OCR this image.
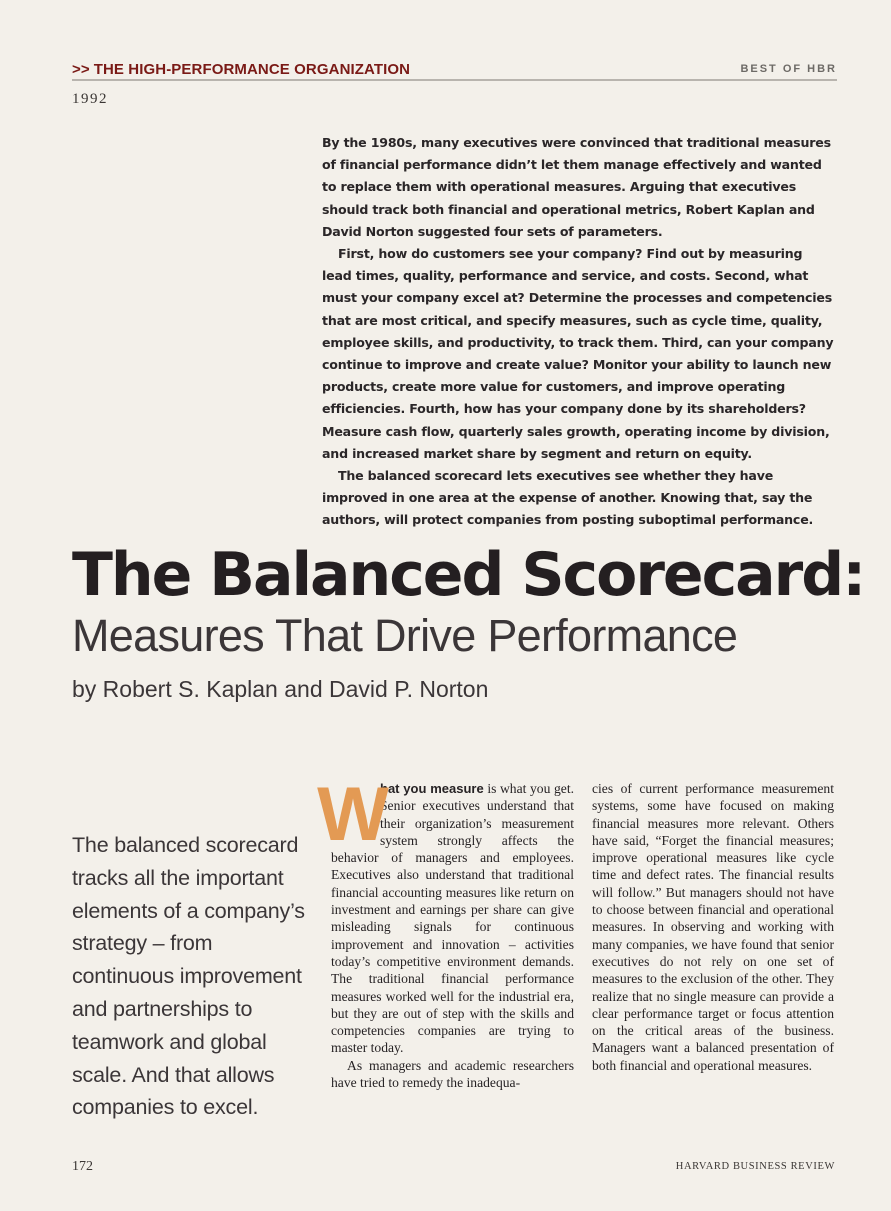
>> THE HIGH-PERFORMANCE ORGANIZATION	BEST OF HBR
1992

By the 1980s, many executives were convinced that traditional measures of financial performance didn’t let them manage effectively and wanted to replace them with operational measures. Arguing that executives should track both financial and operational metrics, Robert Kaplan and David Norton suggested four sets of parameters.

First, how do customers see your company? Find out by measuring lead times, quality, performance and service, and costs. Second, what must your company excel at? Determine the processes and competencies that are most critical, and specify measures, such as cycle time, quality, employee skills, and productivity, to track them. Third, can your company continue to improve and create value? Monitor your ability to launch new products, create more value for customers, and improve operating efficiencies. Fourth, how has your company done by its shareholders? Measure cash flow, quarterly sales growth, operating income by division, and increased market share by segment and return on equity.

The balanced scorecard lets executives see whether they have improved in one area at the expense of another. Knowing that, say the authors, will protect companies from posting suboptimal performance.

The Balanced Scorecard:
Measures That Drive Performance
by Robert S. Kaplan and David P. Norton
The balanced scorecard tracks all the important elements of a company’s strategy – from continuous improvement and partnerships to teamwork and global scale. And that allows companies to excel.

W
hat you measure is what you get. Senior executives understand that their organization’s measurement system strongly affects the behavior of managers and employees. Executives also understand that traditional financial accounting measures like return on investment and earnings per share can give misleading signals for continuous improvement and innovation – activities today’s competitive environment demands. The traditional financial performance measures worked well for the industrial era, but they are out of step with the skills and competencies companies are trying to master today.

As managers and academic researchers have tried to remedy the inadequa-

cies of current performance measurement systems, some have focused on making financial measures more relevant. Others have said, “Forget the financial measures; improve operational measures like cycle time and defect rates. The financial results will follow.” But managers should not have to choose between financial and operational measures. In observing and working with many companies, we have found that senior executives do not rely on one set of measures to the exclusion of the other. They realize that no single measure can provide a clear performance target or focus attention on the critical areas of the business. Managers want a balanced presentation of both financial and operational measures.

172	HARVARD BUSINESS REVIEW
